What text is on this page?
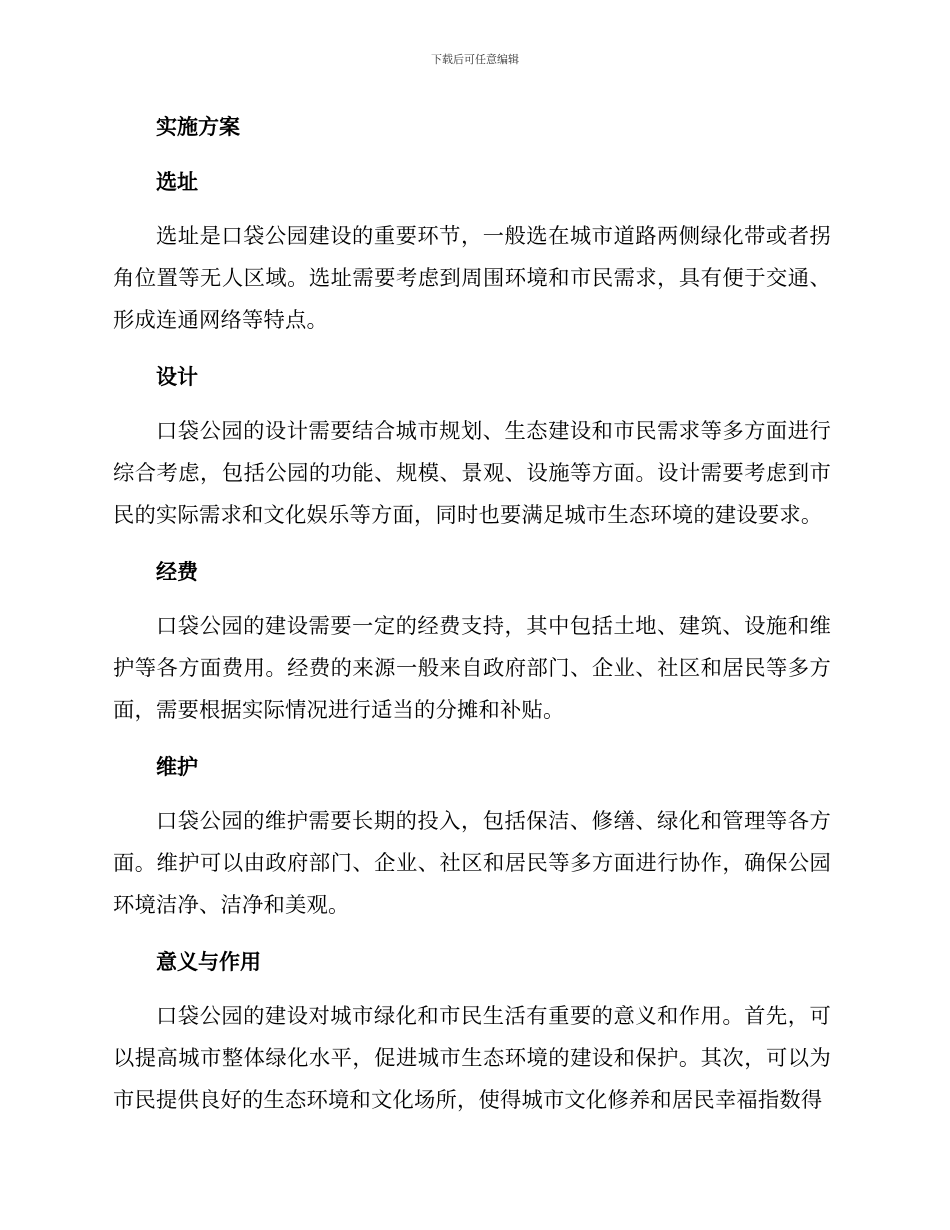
下载后可任意编辑
实施方案
选址

选址是口袋公园建设的重要环节，一般选在城市道路两侧绿化带或者拐角位置等无人区域。选址需要考虑到周围环境和市民需求，具有便于交通、形成连通网络等特点。

设计

口袋公园的设计需要结合城市规划、生态建设和市民需求等多方面进行综合考虑，包括公园的功能、规模、景观、设施等方面。设计需要考虑到市民的实际需求和文化娱乐等方面，同时也要满足城市生态环境的建设要求。

经费

口袋公园的建设需要一定的经费支持，其中包括土地、建筑、设施和维护等各方面费用。经费的来源一般来自政府部门、企业、社区和居民等多方面，需要根据实际情况进行适当的分摊和补贴。

维护

口袋公园的维护需要长期的投入，包括保洁、修缮、绿化和管理等各方面。维护可以由政府部门、企业、社区和居民等多方面进行协作，确保公园环境洁净、洁净和美观。

意义与作用

口袋公园的建设对城市绿化和市民生活有重要的意义和作用。首先，可以提高城市整体绿化水平，促进城市生态环境的建设和保护。其次，可以为市民提供良好的生态环境和文化场所，使得城市文化修养和居民幸福指数得
